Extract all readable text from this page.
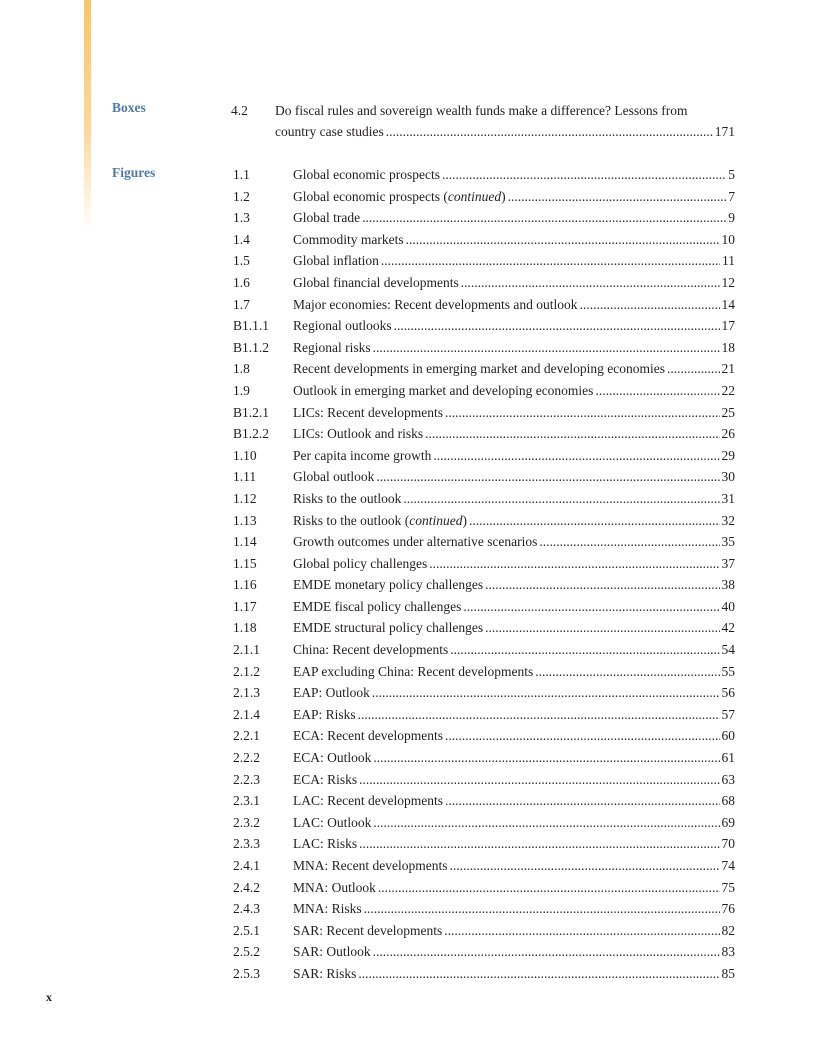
Boxes	4.2 Do fiscal rules and sovereign wealth funds make a difference? Lessons from
country case studies .....	171
Figures	1.1	Global economic prospects .....	5
1.2	Global economic prospects (continued) .....	7
1.3	Global trade .....	9
1.4	Commodity markets .....	10
1.5	Global inflation .....	11
1.6	Global financial developments .....	12
1.7	Major economies: Recent developments and outlook .....	14
B1.1.1	Regional outlooks .....	17
B1.1.2	Regional risks .....	18
1.8	Recent developments in emerging market and developing economies .....	21
1.9	Outlook in emerging market and developing economies .....	22
B1.2.1	LICs: Recent developments .....	25
B1.2.2	LICs: Outlook and risks .....	26
1.10	Per capita income growth .....	29
1.11	Global outlook .....	30
1.12	Risks to the outlook .....	31
1.13	Risks to the outlook (continued) .....	32
1.14	Growth outcomes under alternative scenarios .....	35
1.15	Global policy challenges .....	37
1.16	EMDE monetary policy challenges .....	38
1.17	EMDE fiscal policy challenges .....	40
1.18	EMDE structural policy challenges .....	42
2.1.1	China: Recent developments .....	54
2.1.2	EAP excluding China: Recent developments .....	55
2.1.3	EAP: Outlook .....	56
2.1.4	EAP: Risks .....	57
2.2.1	ECA: Recent developments .....	60
2.2.2	ECA: Outlook .....	61
2.2.3	ECA: Risks .....	63
2.3.1	LAC: Recent developments .....	68
2.3.2	LAC: Outlook .....	69
2.3.3	LAC: Risks .....	70
2.4.1	MNA: Recent developments .....	74
2.4.2	MNA: Outlook .....	75
2.4.3	MNA: Risks .....	76
2.5.1	SAR: Recent developments .....	82
2.5.2	SAR: Outlook .....	83
2.5.3	SAR: Risks .....	85
x
